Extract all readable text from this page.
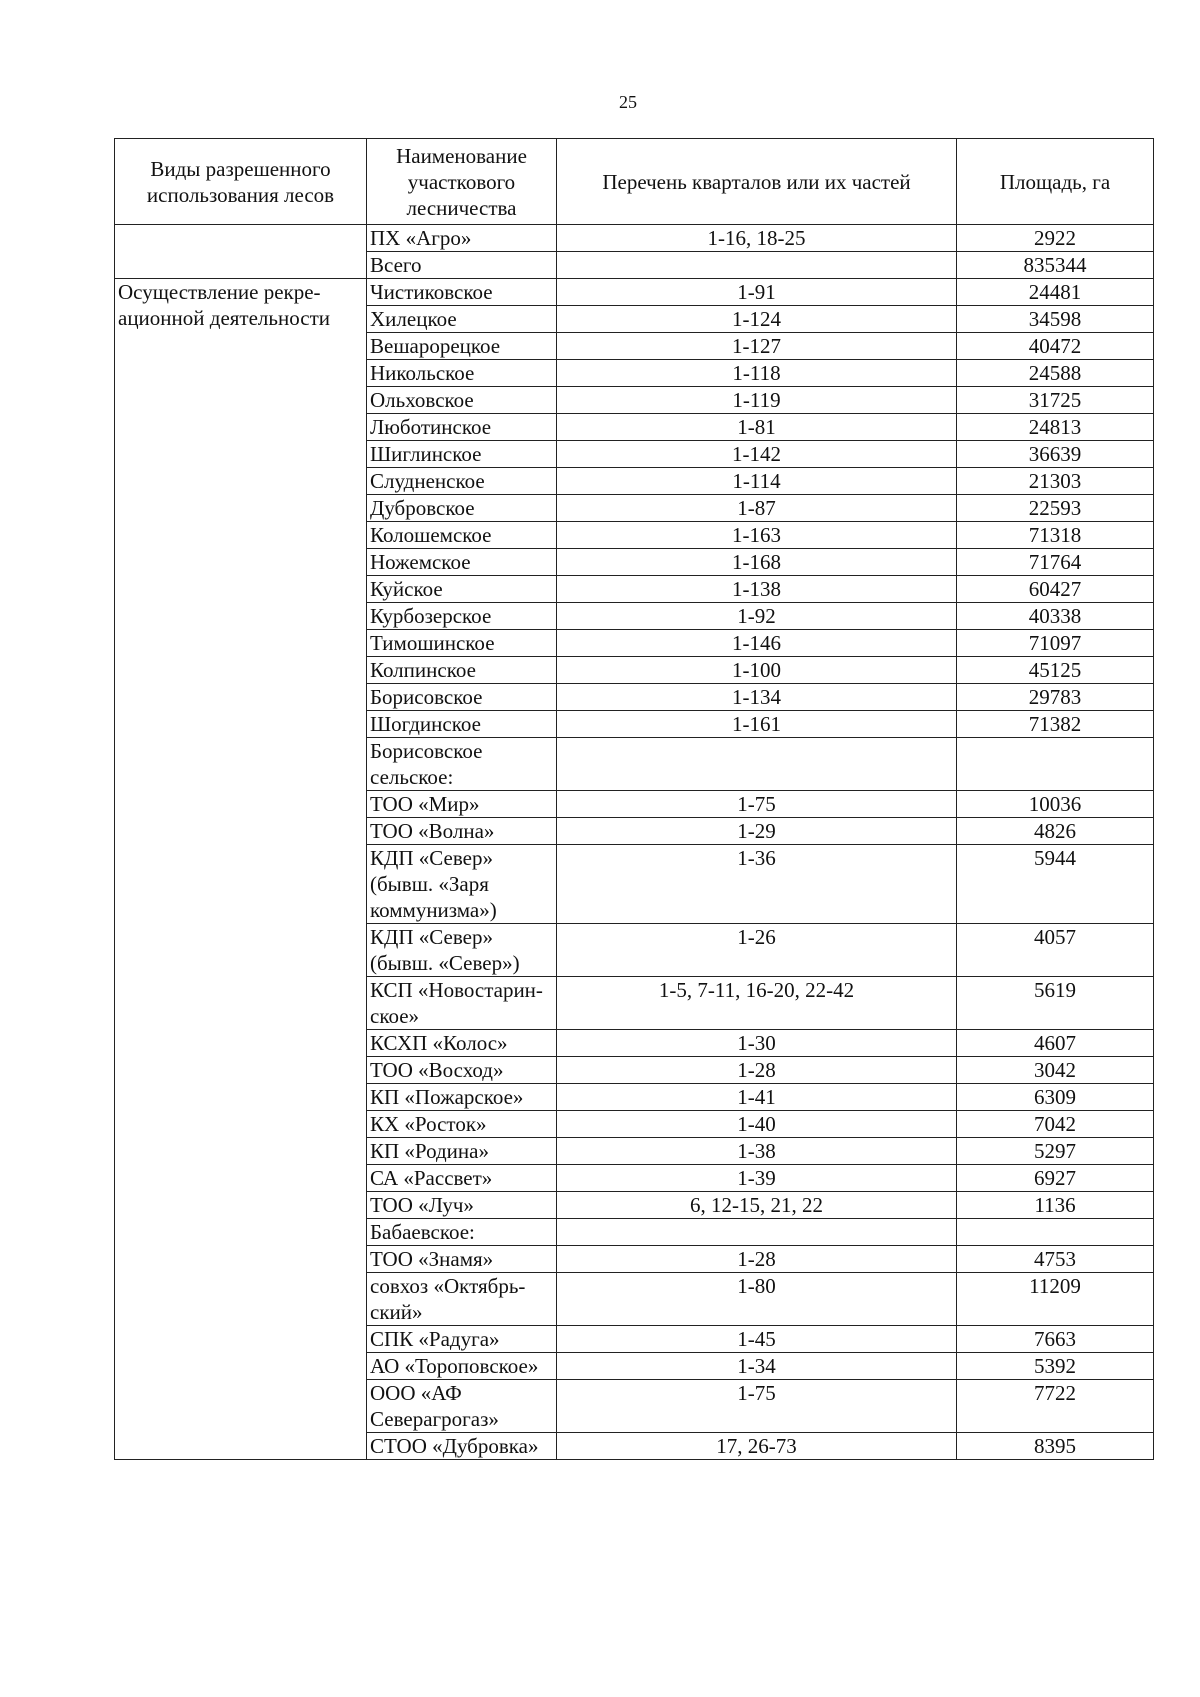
25
Виды разрешенного использования лесов	Наименование участкового лесничества	Перечень кварталов или их частей	Площадь, га
	ПХ «Агро»	1-16, 18-25	2922
	Всего		835344
Осуществление рекре-ационной деятельности	Чистиковское	1-91	24481
	Хилецкое	1-124	34598
	Вешарорецкое	1-127	40472
	Никольское	1-118	24588
	Ольховское	1-119	31725
	Люботинское	1-81	24813
	Шиглинское	1-142	36639
	Слудненское	1-114	21303
	Дубровское	1-87	22593
	Колошемское	1-163	71318
	Ножемское	1-168	71764
	Куйское	1-138	60427
	Курбозерское	1-92	40338
	Тимошинское	1-146	71097
	Колпинское	1-100	45125
	Борисовское	1-134	29783
	Шогдинское	1-161	71382
	Борисовское сельское:		
	ТОО «Мир»	1-75	10036
	ТОО «Волна»	1-29	4826
	КДП «Север» (бывш. «Заря коммунизма»)	1-36	5944
	КДП «Север» (бывш. «Север»)	1-26	4057
	КСП «Новостарин-ское»	1-5, 7-11, 16-20, 22-42	5619
	КСХП «Колос»	1-30	4607
	ТОО «Восход»	1-28	3042
	КП «Пожарское»	1-41	6309
	КХ «Росток»	1-40	7042
	КП «Родина»	1-38	5297
	СА «Рассвет»	1-39	6927
	ТОО «Луч»	6, 12-15, 21, 22	1136
	Бабаевское:		
	ТОО «Знамя»	1-28	4753
	совхоз «Октябрь-ский»	1-80	11209
	СПК «Радуга»	1-45	7663
	АО «Тороповское»	1-34	5392
	ООО «АФ Северагрогаз»	1-75	7722
	СТОО «Дубровка»	17, 26-73	8395
